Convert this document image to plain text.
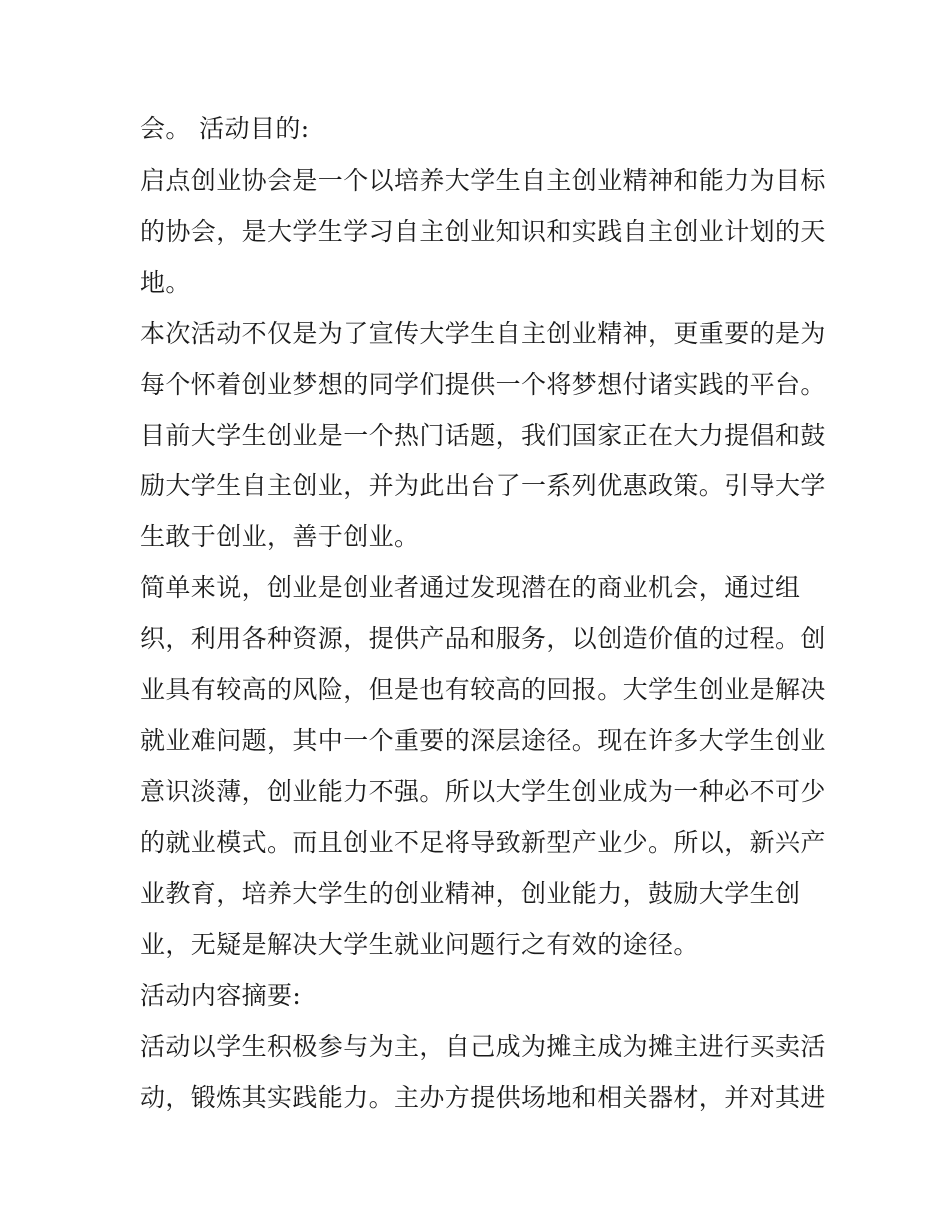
会。 活动目的:

启点创业协会是一个以培养大学生自主创业精神和能力为目标

的协会，是大学生学习自主创业知识和实践自主创业计划的天

地。

本次活动不仅是为了宣传大学生自主创业精神，更重要的是为

每个怀着创业梦想的同学们提供一个将梦想付诸实践的平台。

目前大学生创业是一个热门话题，我们国家正在大力提倡和鼓

励大学生自主创业，并为此出台了一系列优惠政策。引导大学

生敢于创业，善于创业。

简单来说，创业是创业者通过发现潜在的商业机会，通过组

织，利用各种资源，提供产品和服务，以创造价值的过程。创

业具有较高的风险，但是也有较高的回报。大学生创业是解决

就业难问题，其中一个重要的深层途径。现在许多大学生创业

意识淡薄，创业能力不强。所以大学生创业成为一种必不可少

的就业模式。而且创业不足将导致新型产业少。所以，新兴产

业教育，培养大学生的创业精神，创业能力，鼓励大学生创

业，无疑是解决大学生就业问题行之有效的途径。

活动内容摘要:

活动以学生积极参与为主，自己成为摊主成为摊主进行买卖活

动，锻炼其实践能力。主办方提供场地和相关器材，并对其进
